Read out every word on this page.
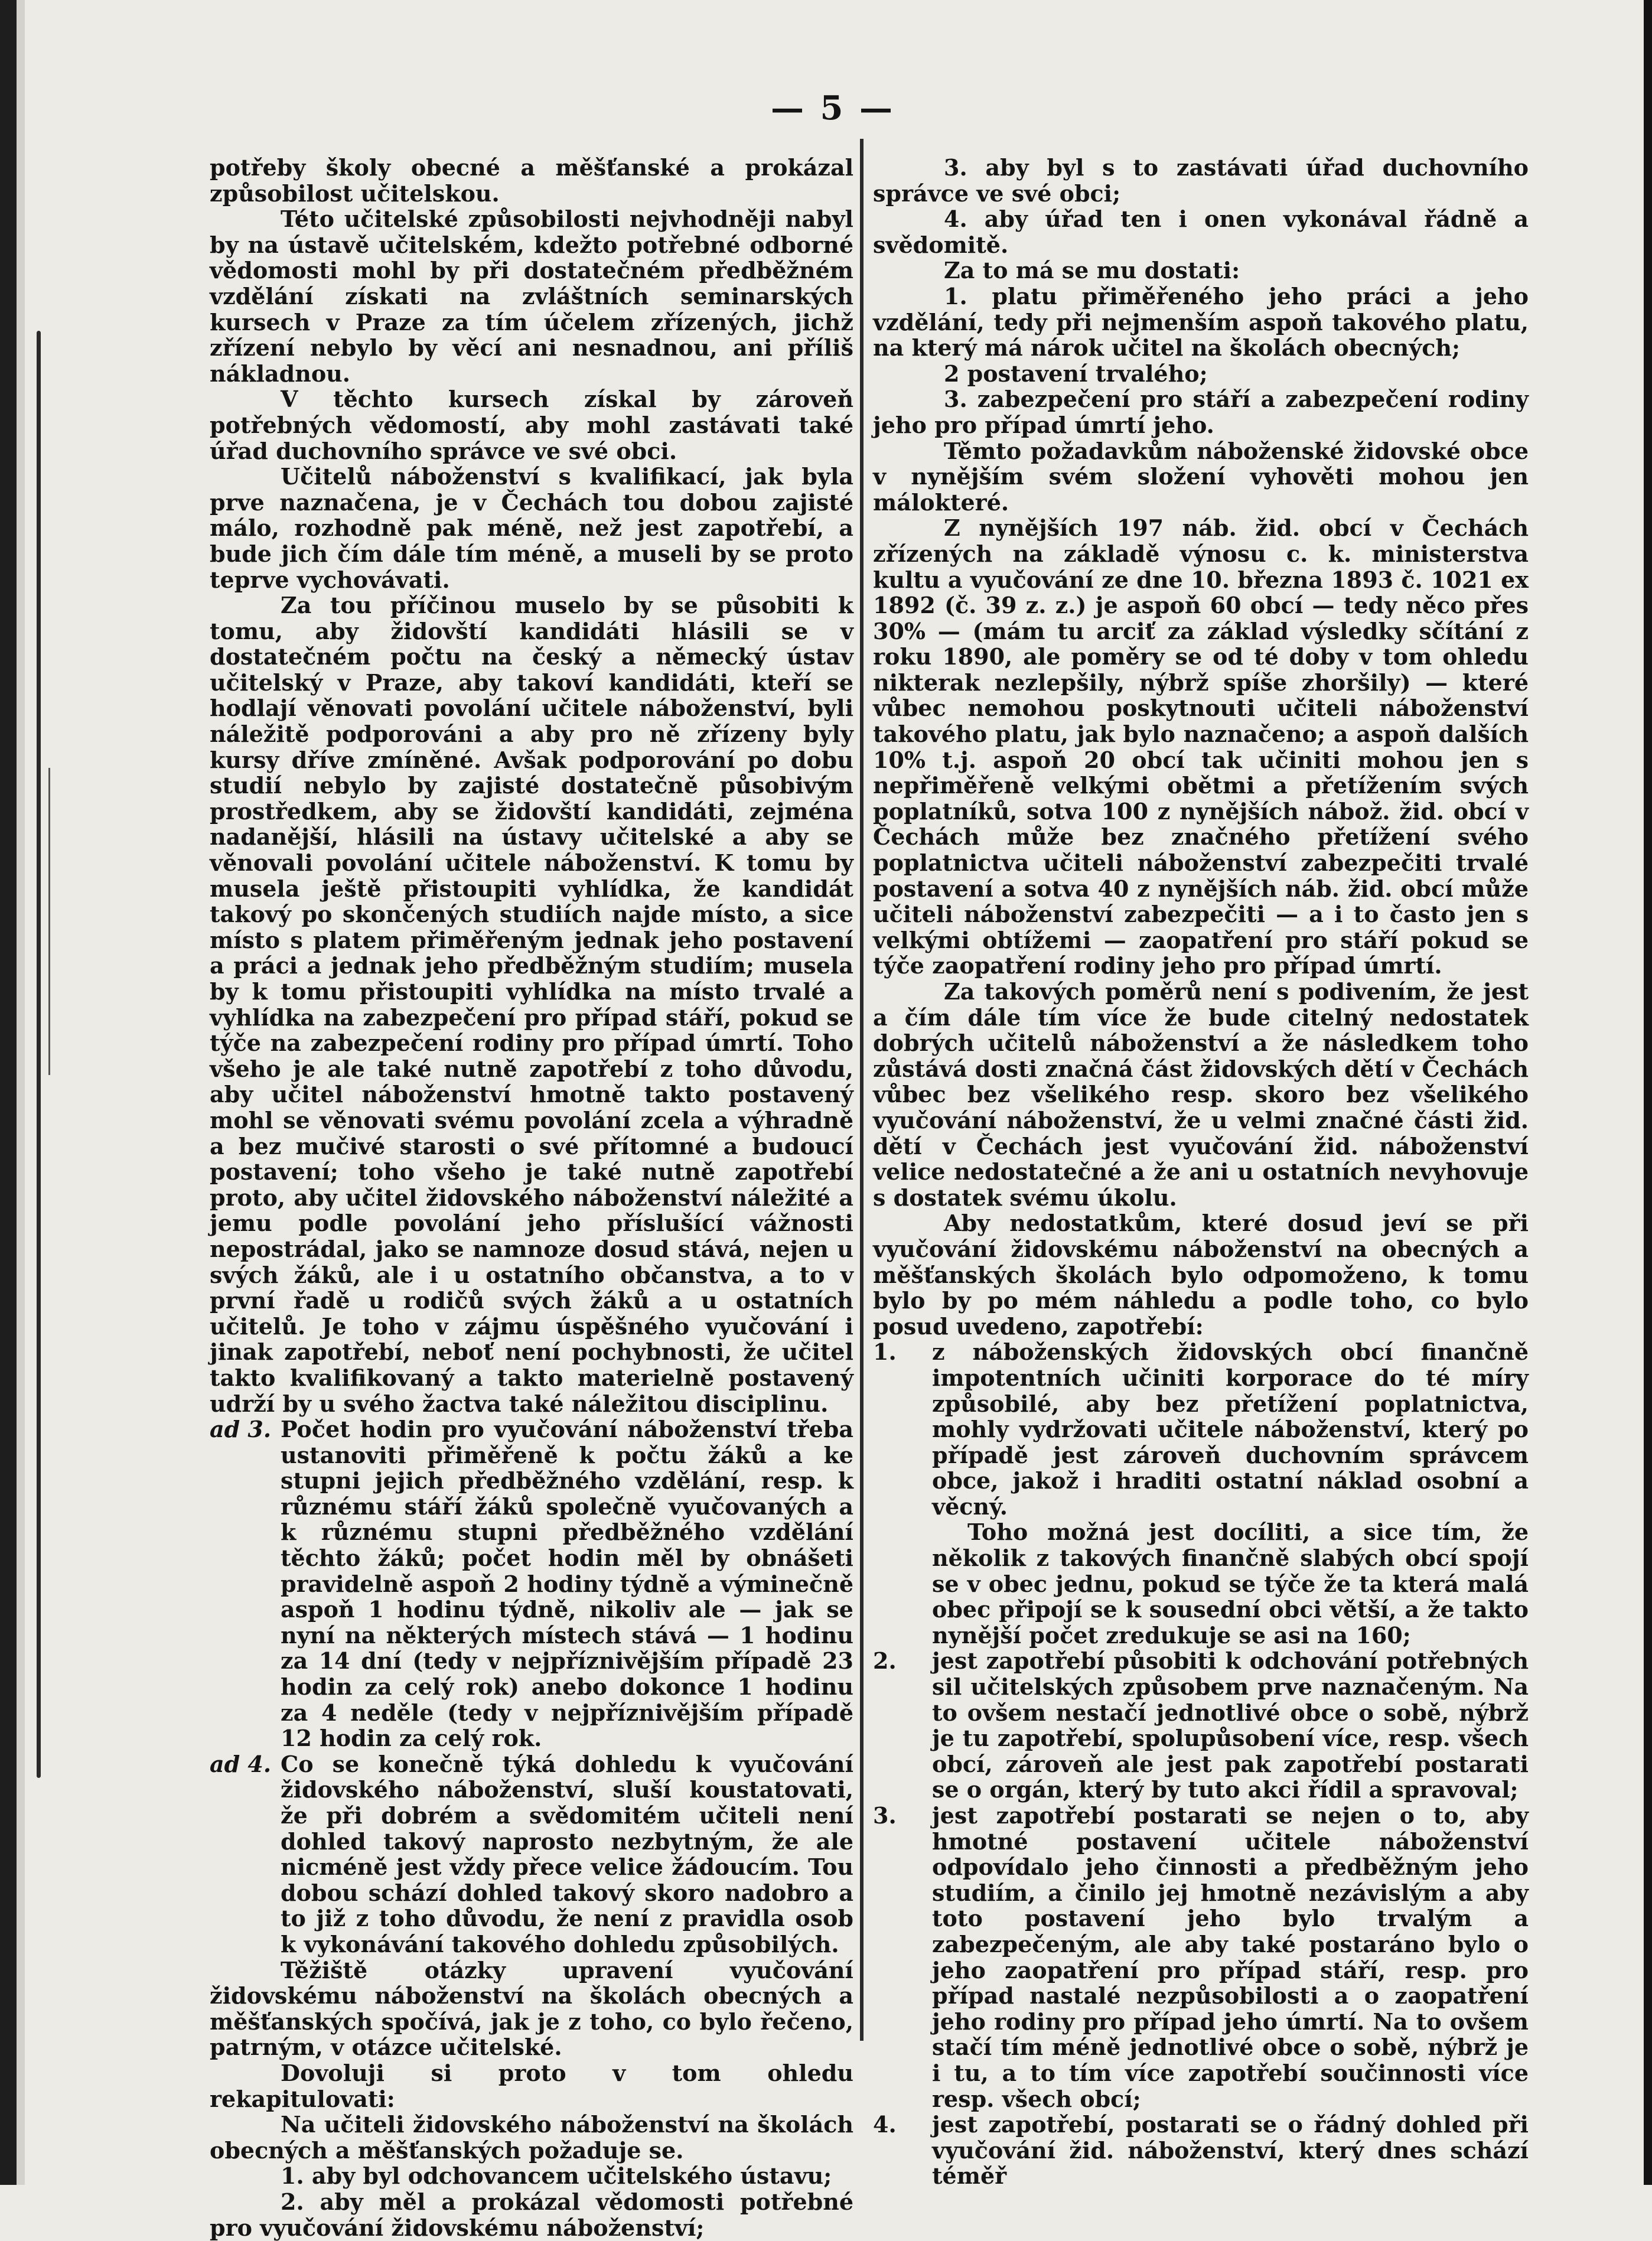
— 5 —

potřeby školy obecné a měšťanské a prokázal způsobilost učitelskou.

Této učitelské způsobilosti nejvhodněji nabyl by na ústavě učitelském, kdežto potřebné odborné vědomosti mohl by při dostatečném předběžném vzdělání získati na zvláštních seminarských kursech v Praze za tím účelem zřízených, jichž zřízení nebylo by věcí ani nesnadnou, ani příliš nákladnou.

V těchto kursech získal by zároveň potřebných vědomostí, aby mohl zastávati také úřad duchovního správce ve své obci.

Učitelů náboženství s kvalifikací, jak byla prve naznačena, je v Čechách tou dobou zajisté málo, rozhodně pak méně, než jest zapotřebí, a bude jich čím dále tím méně, a museli by se proto teprve vychovávati.

Za tou příčinou muselo by se působiti k tomu, aby židovští kandidáti hlásili se v dostatečném počtu na český a německý ústav učitelský v Praze, aby takoví kandidáti, kteří se hodlají věnovati povolání učitele náboženství, byli náležitě podporováni a aby pro ně zřízeny byly kursy dříve zmíněné. Avšak podporování po dobu studií nebylo by zajisté dostatečně působivým prostředkem, aby se židovští kandidáti, zejména nadanější, hlásili na ústavy učitelské a aby se věnovali povolání učitele náboženství. K tomu by musela ještě přistoupiti vyhlídka, že kandidát takový po skončených studiích najde místo, a sice místo s platem přiměřeným jednak jeho postavení a práci a jednak jeho předběžným studiím; musela by k tomu přistoupiti vyhlídka na místo trvalé a vyhlídka na zabezpečení pro případ stáří, pokud se týče na zabezpečení rodiny pro případ úmrtí. Toho všeho je ale také nutně zapotřebí z toho důvodu, aby učitel náboženství hmotně takto postavený mohl se věnovati svému povolání zcela a výhradně a bez mučivé starosti o své přítomné a budoucí postavení; toho všeho je také nutně zapotřebí proto, aby učitel židovského náboženství náležité a jemu podle povolání jeho příslušící vážnosti nepostrádal, jako se namnoze dosud stává, nejen u svých žáků, ale i u ostatního občanstva, a to v první řadě u rodičů svých žáků a u ostatních učitelů. Je toho v zájmu úspěšného vyučování i jinak zapotřebí, neboť není pochybnosti, že učitel takto kvalifikovaný a takto materielně postavený udrží by u svého žactva také náležitou disciplinu.

ad 3. Počet hodin pro vyučování náboženství třeba ustanoviti přiměřeně k počtu žáků a ke stupni jejich předběžného vzdělání, resp. k různému stáří žáků společně vyučovaných a k různému stupni předběžného vzdělání těchto žáků; počet hodin měl by obnášeti pravidelně aspoň 2 hodiny týdně a výminečně aspoň 1 hodinu týdně, nikoliv ale — jak se nyní na některých místech stává — 1 hodinu za 14 dní (tedy v nejpříznivějším případě 23 hodin za celý rok) anebo dokonce 1 hodinu za 4 neděle (tedy v nejpříznivějším případě 12 hodin za celý rok.
ad 4. Co se konečně týká dohledu k vyučování židovského náboženství, sluší koustatovati, že při dobrém a svědomitém učiteli není dohled takový naprosto nezbytným, že ale nicméně jest vždy přece velice žádoucím. Tou dobou schází dohled takový skoro nadobro a to již z toho důvodu, že není z pravidla osob k vykonávání takového dohledu způsobilých.

Těžiště otázky upravení vyučování židovskému náboženství na školách obecných a měšťanských spočívá, jak je z toho, co bylo řečeno, patrným, v otázce učitelské.

Dovoluji si proto v tom ohledu rekapitulovati:

Na učiteli židovského náboženství na školách obecných a měšťanských požaduje se.

1. aby byl odchovancem učitelského ústavu;

2. aby měl a prokázal vědomosti potřebné pro vyučování židovskému náboženství;

3. aby byl s to zastávati úřad duchovního správce ve své obci;

4. aby úřad ten i onen vykonával řádně a svědomitě.

Za to má se mu dostati:

1. platu přiměřeného jeho práci a jeho vzdělání, tedy při nejmenším aspoň takového platu, na který má nárok učitel na školách obecných;

2 postavení trvalého;

3. zabezpečení pro stáří a zabezpečení rodiny jeho pro případ úmrtí jeho.

Těmto požadavkům náboženské židovské obce v nynějším svém složení vyhověti mohou jen málokteré.

Z nynějších 197 náb. žid. obcí v Čechách zřízených na základě výnosu c. k. ministerstva kultu a vyučování ze dne 10. března 1893 č. 1021 ex 1892 (č. 39 z. z.) je aspoň 60 obcí — tedy něco přes 30% — (mám tu arciť za základ výsledky sčítání z roku 1890, ale poměry se od té doby v tom ohledu nikterak nezlepšily, nýbrž spíše zhoršily) — které vůbec nemohou poskytnouti učiteli náboženství takového platu, jak bylo naznačeno; a aspoň dalších 10% t.j. aspoň 20 obcí tak učiniti mohou jen s nepřiměřeně velkými obětmi a přetížením svých poplatníků, sotva 100 z nynějších nábož. žid. obcí v Čechách může bez značného přetížení svého poplatnictva učiteli náboženství zabezpečiti trvalé postavení a sotva 40 z nynějších náb. žid. obcí může učiteli náboženství zabezpečiti — a i to často jen s velkými obtížemi — zaopatření pro stáří pokud se týče zaopatření rodiny jeho pro případ úmrtí.

Za takových poměrů není s podivením, že jest a čím dále tím více že bude citelný nedostatek dobrých učitelů náboženství a že následkem toho zůstává dosti značná část židovských dětí v Čechách vůbec bez všelikého resp. skoro bez všelikého vyučování náboženství, že u velmi značné části žid. dětí v Čechách jest vyučování žid. náboženství velice nedostatečné a že ani u ostatních nevyhovuje s dostatek svému úkolu.

Aby nedostatkům, které dosud jeví se při vyučování židovskému náboženství na obecných a měšťanských školách bylo odpomoženo, k tomu bylo by po mém náhledu a podle toho, co bylo posud uvedeno, zapotřebí:

1.	z náboženských židovských obcí finančně impotentních učiniti korporace do té míry způsobilé, aby bez přetížení poplatnictva, mohly vydržovati učitele náboženství, který po případě jest zároveň duchovním správcem obce, jakož i hraditi ostatní náklad osobní a věcný.
Toho možná jest docíliti, a sice tím, že několik z takových finančně slabých obcí spojí se v obec jednu, pokud se týče že ta která malá obec připojí se k sousední obci větší, a že takto nynější počet zredukuje se asi na 160;
2.	jest zapotřebí působiti k odchování potřebných sil učitelských způsobem prve naznačeným. Na to ovšem nestačí jednotlivé obce o sobě, nýbrž je tu zapotřebí, spolupůsobení více, resp. všech obcí, zároveň ale jest pak zapotřebí postarati se o orgán, který by tuto akci řídil a spravoval;
3.	jest zapotřebí postarati se nejen o to, aby hmotné postavení učitele náboženství odpovídalo jeho činnosti a předběžným jeho studiím, a činilo jej hmotně nezávislým a aby toto postavení jeho bylo trvalým a zabezpečeným, ale aby také postaráno bylo o jeho zaopatření pro případ stáří, resp. pro případ nastalé nezpůsobilosti a o zaopatření jeho rodiny pro případ jeho úmrtí. Na to ovšem stačí tím méně jednotlivé obce o sobě, nýbrž je i tu, a to tím více zapotřebí součinnosti více resp. všech obcí;
4.	jest zapotřebí, postarati se o řádný dohled při vyučování žid. náboženství, který dnes schází téměř
